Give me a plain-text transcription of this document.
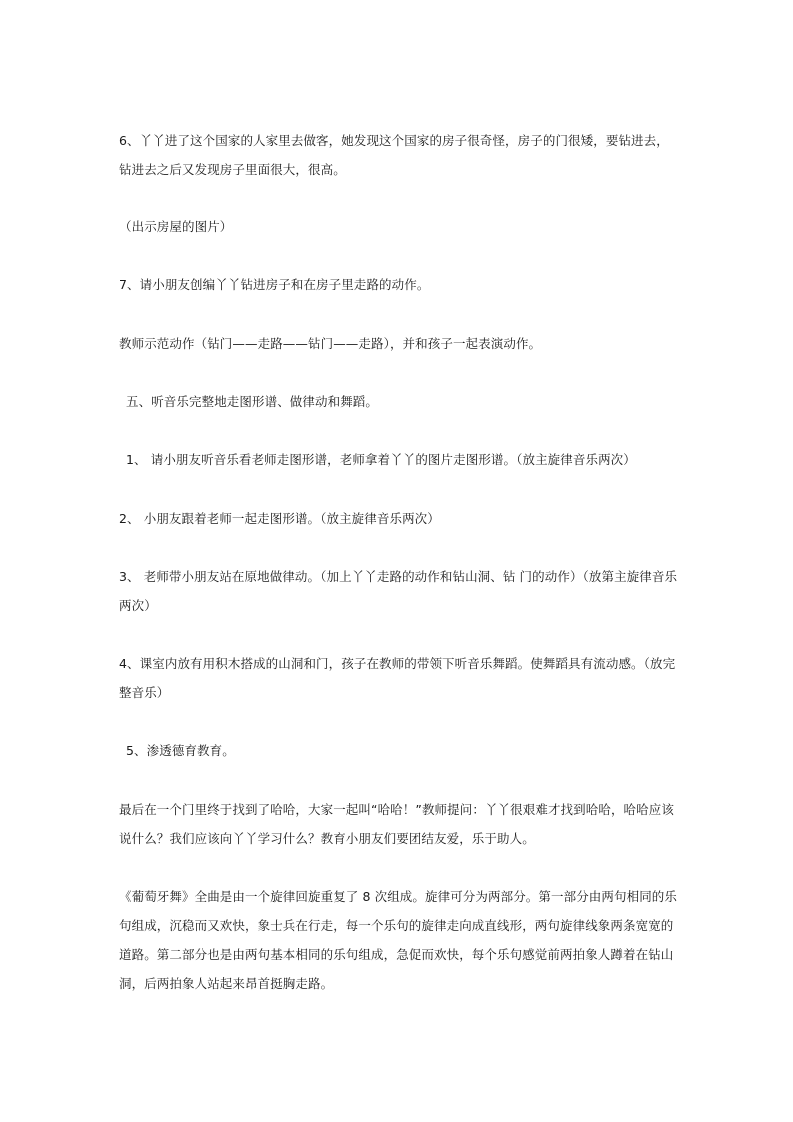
6、丫丫进了这个国家的人家里去做客，她发现这个国家的房子很奇怪，房子的门很矮，要钻进去，钻进去之后又发现房子里面很大，很高。

（出示房屋的图片）

7、请小朋友创编丫丫钻进房子和在房子里走路的动作。

教师示范动作（钻门——走路——钻门——走路），并和孩子一起表演动作。

五、听音乐完整地走图形谱、做律动和舞蹈。

1、 请小朋友听音乐看老师走图形谱，老师拿着丫丫的图片走图形谱。（放主旋律音乐两次）

2、 小朋友跟着老师一起走图形谱。（放主旋律音乐两次）

3、 老师带小朋友站在原地做律动。（加上丫丫走路的动作和钻山洞、钻 门的动作）（放第主旋律音乐两次）

4、课室内放有用积木搭成的山洞和门，孩子在教师的带领下听音乐舞蹈。使舞蹈具有流动感。（放完整音乐）

5、渗透德育教育。

最后在一个门里终于找到了哈哈，大家一起叫“哈哈！”教师提问：丫丫很艰难才找到哈哈，哈哈应该说什么？我们应该向丫丫学习什么？教育小朋友们要团结友爱，乐于助人。

《葡萄牙舞》全曲是由一个旋律回旋重复了 8 次组成。旋律可分为两部分。第一部分由两句相同的乐句组成，沉稳而又欢快，象士兵在行走，每一个乐句的旋律走向成直线形，两句旋律线象两条宽宽的道路。第二部分也是由两句基本相同的乐句组成，急促而欢快，每个乐句感觉前两拍象人蹲着在钻山洞，后两拍象人站起来昂首挺胸走路。
